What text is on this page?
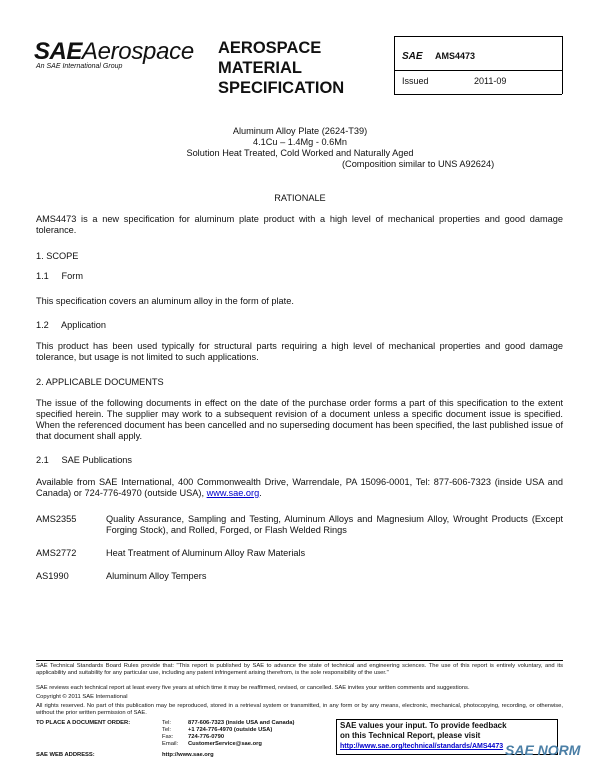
SAEAerospace
An SAE International Group
AEROSPACE
MATERIAL
SPECIFICATION
SAE AMS4473
Issued	2011-09
Aluminum Alloy Plate (2624-T39)
4.1Cu – 1.4Mg - 0.6Mn
Solution Heat Treated, Cold Worked and Naturally Aged
(Composition similar to UNS A92624)
RATIONALE
AMS4473 is a new specification for aluminum plate product with a high level of mechanical properties and good damage tolerance.
1. SCOPE
1.1     Form
This specification covers an aluminum alloy in the form of plate.
1.2     Application
This product has been used typically for structural parts requiring a high level of mechanical properties and good damage tolerance, but usage is not limited to such applications.
2. APPLICABLE DOCUMENTS
The issue of the following documents in effect on the date of the purchase order forms a part of this specification to the extent specified herein. The supplier may work to a subsequent revision of a document unless a specific document issue is specified. When the referenced document has been cancelled and no superseding document has been specified, the last published issue of that document shall apply.
2.1     SAE Publications
Available from SAE International, 400 Commonwealth Drive, Warrendale, PA 15096-0001, Tel: 877-606-7323 (inside USA and Canada) or 724-776-4970 (outside USA), www.sae.org.
AMS2355	Quality Assurance, Sampling and Testing, Aluminum Alloys and Magnesium Alloy, Wrought Products (Except Forging Stock), and Rolled, Forged, or Flash Welded Rings
AMS2772	Heat Treatment of Aluminum Alloy Raw Materials
AS1990	Aluminum Alloy Tempers
SAE Technical Standards Board Rules provide that: "This report is published by SAE to advance the state of technical and engineering sciences. The use of this report is entirely voluntary, and its applicability and suitability for any particular use, including any patent infringement arising therefrom, is the sole responsibility of the user."
SAE reviews each technical report at least every five years at which time it may be reaffirmed, revised, or cancelled. SAE invites your written comments and suggestions.
Copyright © 2011 SAE International
All rights reserved. No part of this publication may be reproduced, stored in a retrieval system or transmitted, in any form or by any means, electronic, mechanical, photocopying, recording, or otherwise, without the prior written permission of SAE.
TO PLACE A DOCUMENT ORDER:	Tel:	877-606-7323 (inside USA and Canada)
Tel:	+1 724-776-4970 (outside USA)
Fax:	724-776-0790
Email: CustomerService@sae.org
SAE WEB ADDRESS:	http://www.sae.org
SAE values your input. To provide feedback
on this Technical Report, please visit
http://www.sae.org/technical/standards/AMS4473 SAE NORM
